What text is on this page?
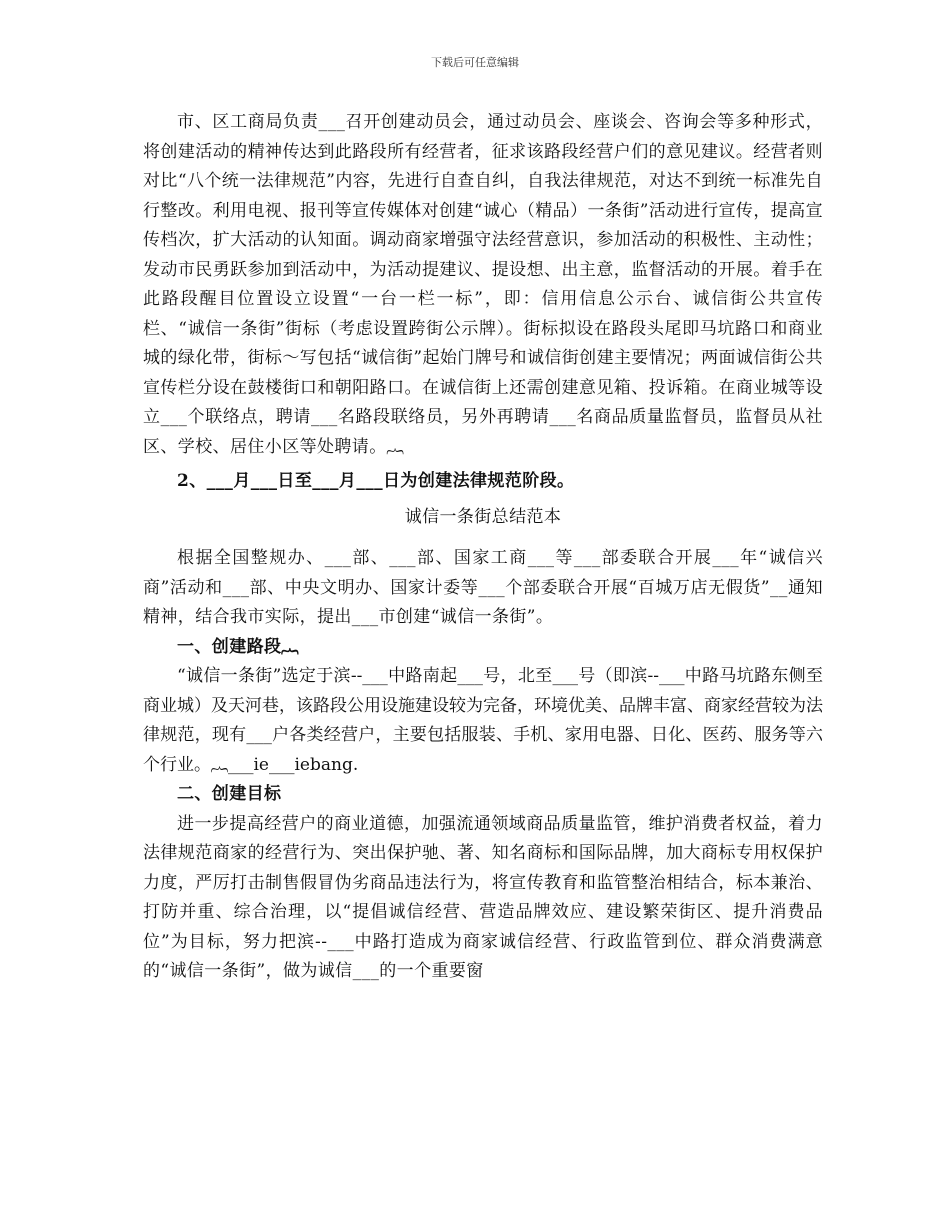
下载后可任意编辑

市、区工商局负责___召开创建动员会，通过动员会、座谈会、咨询会等多种形式，将创建活动的精神传达到此路段所有经营者，征求该路段经营户们的意见建议。经营者则对比“八个统一法律规范”内容，先进行自查自纠，自我法律规范，对达不到统一标准先自行整改。利用电视、报刊等宣传媒体对创建“诚心（精品）一条街”活动进行宣传，提高宣传档次，扩大活动的认知面。调动商家增强守法经营意识，参加活动的积极性、主动性；发动市民勇跃参加到活动中，为活动提建议、提设想、出主意，监督活动的开展。着手在此路段醒目位置设立设置“一台一栏一标”，即：信用信息公示台、诚信街公共宣传栏、“诚信一条街”街标（考虑设置跨街公示牌）。街标拟设在路段头尾即马坑路口和商业城的绿化带，街标～写包括“诚信街”起始门牌号和诚信街创建主要情况；两面诚信街公共宣传栏分设在鼓楼街口和朝阳路口。在诚信街上还需创建意见箱、投诉箱。在商业城等设立___个联络点，聘请___名路段联络员，另外再聘请___名商品质量监督员，监督员从社区、学校、居住小区等处聘请。︷

2、___月___日至___月___日为创建法律规范阶段。

诚信一条街总结范本

根据全国整规办、___部、___部、国家工商___等___部委联合开展___年“诚信兴商”活动和___部、中央文明办、国家计委等___个部委联合开展“百城万店无假货”__通知精神，结合我市实际，提出___市创建“诚信一条街”。

一、创建路段︷

“诚信一条街”选定于滨--___中路南起___号，北至___号（即滨--___中路马坑路东侧至商业城）及天河巷，该路段公用设施建设较为完备，环境优美、品牌丰富、商家经营较为法律规范，现有___户各类经营户，主要包括服装、手机、家用电器、日化、医药、服务等六个行业。︷___ie___iebang.

二、创建目标

进一步提高经营户的商业道德，加强流通领域商品质量监管，维护消费者权益，着力法律规范商家的经营行为、突出保护驰、著、知名商标和国际品牌，加大商标专用权保护力度，严厉打击制售假冒伪劣商品违法行为，将宣传教育和监管整治相结合，标本兼治、打防并重、综合治理，以“提倡诚信经营、营造品牌效应、建设繁荣街区、提升消费品位”为目标，努力把滨--___中路打造成为商家诚信经营、行政监管到位、群众消费满意的“诚信一条街”，做为诚信___的一个重要窗
